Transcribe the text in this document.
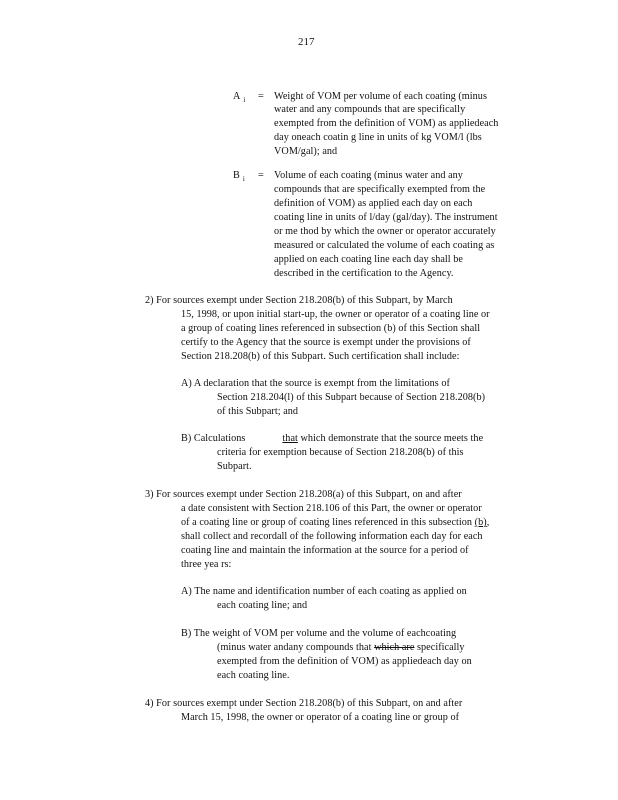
217
A $_i$ = Weight of VOM per volume of each coating (minus
water and any compounds that are specifically
exempted from the definition of VOM) as appliedeach
day oneach coatin g line in units of kg VOM/l (lbs
VOM/gal); and
B $_i$ = Volume of each coating (minus water and any
compounds that are specifically exempted from the
definition of VOM) as applied each day on each
coating line in units of l/day (gal/day). The instrument
or me thod by which the owner or operator accurately
measured or calculated the volume of each coating as
applied on each coating line each day shall be
described in the certification to the Agency.
2) For sources exempt under Section 218.208(b) of this Subpart, by March
15, 1998, or upon initial start-up, the owner or operator of a coating line or
a group of coating lines referenced in subsection (b) of this Section shall
certify to the Agency that the source is exempt under the provisions of
Section 218.208(b) of this Subpart. Such certification shall include:
A) A declaration that the source is exempt from the limitations of
Section 218.204(l) of this Subpart because of Section 218.208(b)
of this Subpart; and
B) Calculations	that which demonstrate that the source meets the
criteria for exemption because of Section 218.208(b) of this
Subpart.
3) For sources exempt under Section 218.208(a) of this Subpart, on and after
a date consistent with Section 218.106 of this Part, the owner or operator
of a coating line or group of coating lines referenced in this subsection (b),
shall collect and recordall of the following information each day for each
coating line and maintain the information at the source for a period of
three yea rs:
A) The name and identification number of each coating as applied on
each coating line; and
B) The weight of VOM per volume and the volume of eachcoating
(minus water andany compounds that which are specifically
exempted from the definition of VOM) as appliedeach day on
each coating line.
4) For sources exempt under Section 218.208(b) of this Subpart, on and after
March 15, 1998, the owner or operator of a coating line or group of
